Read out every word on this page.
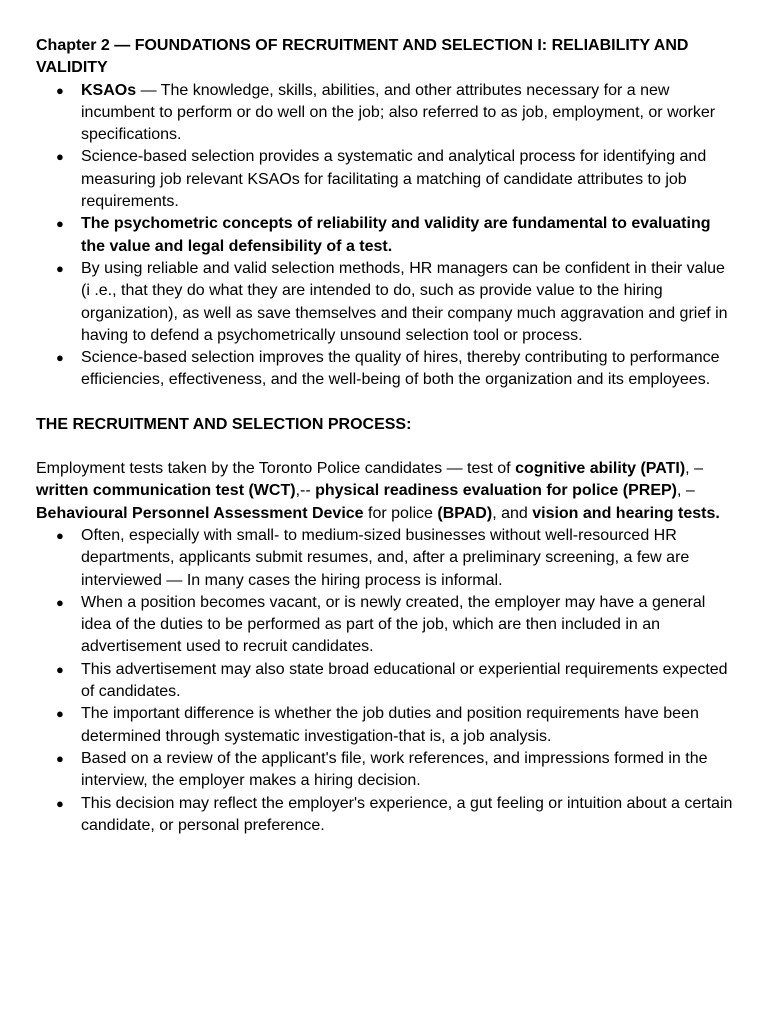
Chapter 2 — FOUNDATIONS OF RECRUITMENT AND SELECTION I: RELIABILITY AND VALIDITY

● KSAOs — The knowledge, skills, abilities, and other attributes necessary for a new incumbent to perform or do well on the job; also referred to as job, employment, or worker specifications.
● Science-based selection provides a systematic and analytical process for identifying and measuring job relevant KSAOs for facilitating a matching of candidate attributes to job requirements.
● The psychometric concepts of reliability and validity are fundamental to evaluating the value and legal defensibility of a test.
● By using reliable and valid selection methods, HR managers can be confident in their value (i .e., that they do what they are intended to do, such as provide value to the hiring organization), as well as save themselves and their company much aggravation and grief in having to defend a psychometrically unsound selection tool or process.
● Science-based selection improves the quality of hires, thereby contributing to performance efficiencies, effectiveness, and the well-being of both the organization and its employees.

THE RECRUITMENT AND SELECTION PROCESS:

Employment tests taken by the Toronto Police candidates — test of cognitive ability (PATI), –
written communication test (WCT),-- physical readiness evaluation for police (PREP), –
Behavioural Personnel Assessment Device for police (BPAD), and vision and hearing tests.

● Often, especially with small- to medium-sized businesses without well-resourced HR departments, applicants submit resumes, and, after a preliminary screening, a few are interviewed — In many cases the hiring process is informal.
● When a position becomes vacant, or is newly created, the employer may have a general idea of the duties to be performed as part of the job, which are then included in an advertisement used to recruit candidates.
● This advertisement may also state broad educational or experiential requirements expected of candidates.
● The important difference is whether the job duties and position requirements have been determined through systematic investigation-that is, a job analysis.
● Based on a review of the applicant's file, work references, and impressions formed in the interview, the employer makes a hiring decision.
● This decision may reflect the employer's experience, a gut feeling or intuition about a certain candidate, or personal preference.
